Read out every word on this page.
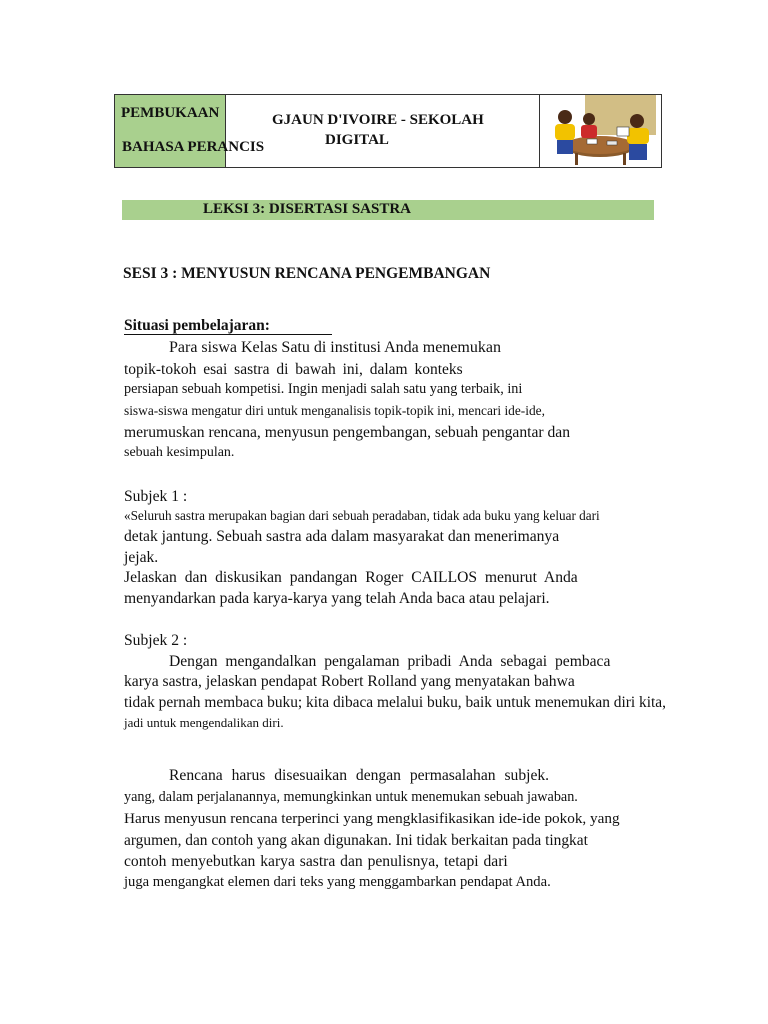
PEMBUKAAN
BAHASA PERANCIS
GJAUN D'IVOIRE - SEKOLAH
DIGITAL
LEKSI 3: DISERTASI SASTRA
SESI 3 : MENYUSUN RENCANA PENGEMBANGAN
Situasi pembelajaran:
Para siswa Kelas Satu di institusi Anda menemukan
topik-tokoh esai sastra di bawah ini, dalam konteks
persiapan sebuah kompetisi. Ingin menjadi salah satu yang terbaik, ini
siswa-siswa mengatur diri untuk menganalisis topik-topik ini, mencari ide-ide,
merumuskan rencana, menyusun pengembangan, sebuah pengantar dan
sebuah kesimpulan.
Subjek 1 :
«Seluruh sastra merupakan bagian dari sebuah peradaban, tidak ada buku yang keluar dari
detak jantung. Sebuah sastra ada dalam masyarakat dan menerimanya
jejak.
Jelaskan dan diskusikan pandangan Roger CAILLOS menurut Anda
menyandarkan pada karya-karya yang telah Anda baca atau pelajari.
Subjek 2 :
Dengan mengandalkan pengalaman pribadi Anda sebagai pembaca
karya sastra, jelaskan pendapat Robert Rolland yang menyatakan bahwa
tidak pernah membaca buku; kita dibaca melalui buku, baik untuk menemukan diri kita,
jadi untuk mengendalikan diri.
Rencana harus disesuaikan dengan permasalahan subjek.
yang, dalam perjalanannya, memungkinkan untuk menemukan sebuah jawaban.
Harus menyusun rencana terperinci yang mengklasifikasikan ide-ide pokok, yang
argumen, dan contoh yang akan digunakan. Ini tidak berkaitan pada tingkat
contoh menyebutkan karya sastra dan penulisnya, tetapi dari
juga mengangkat elemen dari teks yang menggambarkan pendapat Anda.
